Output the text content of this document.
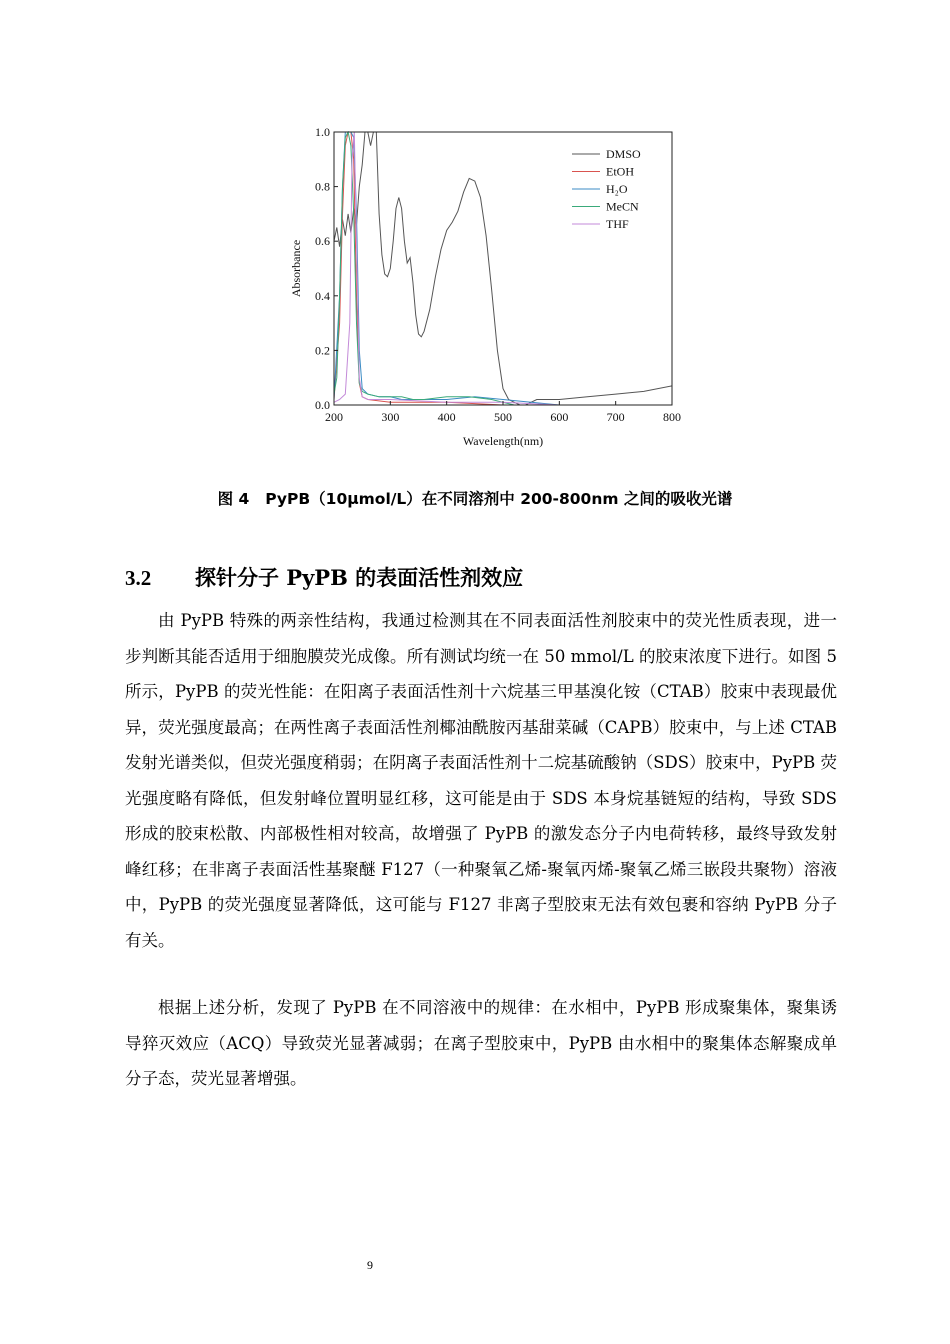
200	300	400	500	600	700	800
0.0
0.2
0.4
0.6
0.8
1.0
Wavelength(nm)
Absorbance
DMSO
EtOH
H₂O
MeCN
THF
图 4 PyPB（10μmol/L）在不同溶剂中 200-800nm 之间的吸收光谱
3.2 探针分子 PyPB 的表面活性剂效应

由 PyPB 特殊的两亲性结构，我通过检测其在不同表面活性剂胶束中的荧光性质表现，进一步判断其能否适用于细胞膜荧光成像。所有测试均统一在 50 mmol/L 的胶束浓度下进行。如图 5 所示，PyPB 的荧光性能：在阳离子表面活性剂十六烷基三甲基溴化铵（CTAB）胶束中表现最优异，荧光强度最高；在两性离子表面活性剂椰油酰胺丙基甜菜碱（CAPB）胶束中，与上述 CTAB 发射光谱类似，但荧光强度稍弱；在阴离子表面活性剂十二烷基硫酸钠（SDS）胶束中，PyPB 荧光强度略有降低，但发射峰位置明显红移，这可能是由于 SDS 本身烷基链短的结构，导致 SDS 形成的胶束松散、内部极性相对较高，故增强了 PyPB 的激发态分子内电荷转移，最终导致发射峰红移；在非离子表面活性基聚醚 F127（一种聚氧乙烯-聚氧丙烯-聚氧乙烯三嵌段共聚物）溶液中，PyPB 的荧光强度显著降低，这可能与 F127 非离子型胶束无法有效包裹和容纳 PyPB 分子有关。

根据上述分析，发现了 PyPB 在不同溶液中的规律：在水相中，PyPB 形成聚集体，聚集诱导猝灭效应（ACQ）导致荧光显著减弱；在离子型胶束中，PyPB 由水相中的聚集体态解聚成单分子态，荧光显著增强。

9
